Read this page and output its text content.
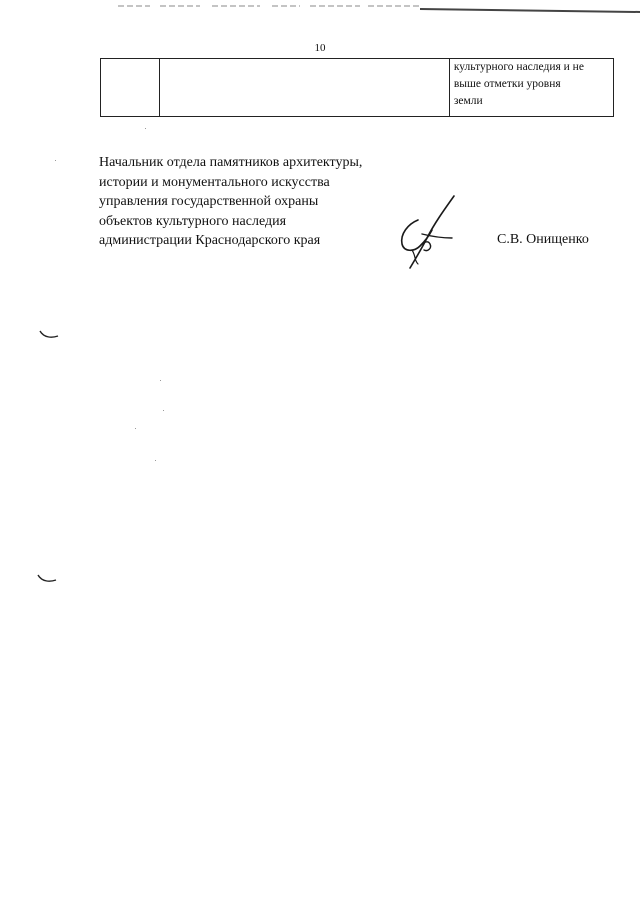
10

культурного наследия и не
выше отметки уровня
земли
Начальник отдела памятников архитектуры,
истории и монументального искусства
управления государственной охраны
объектов культурного наследия
администрации Краснодарского края	С.В. Онищенко
